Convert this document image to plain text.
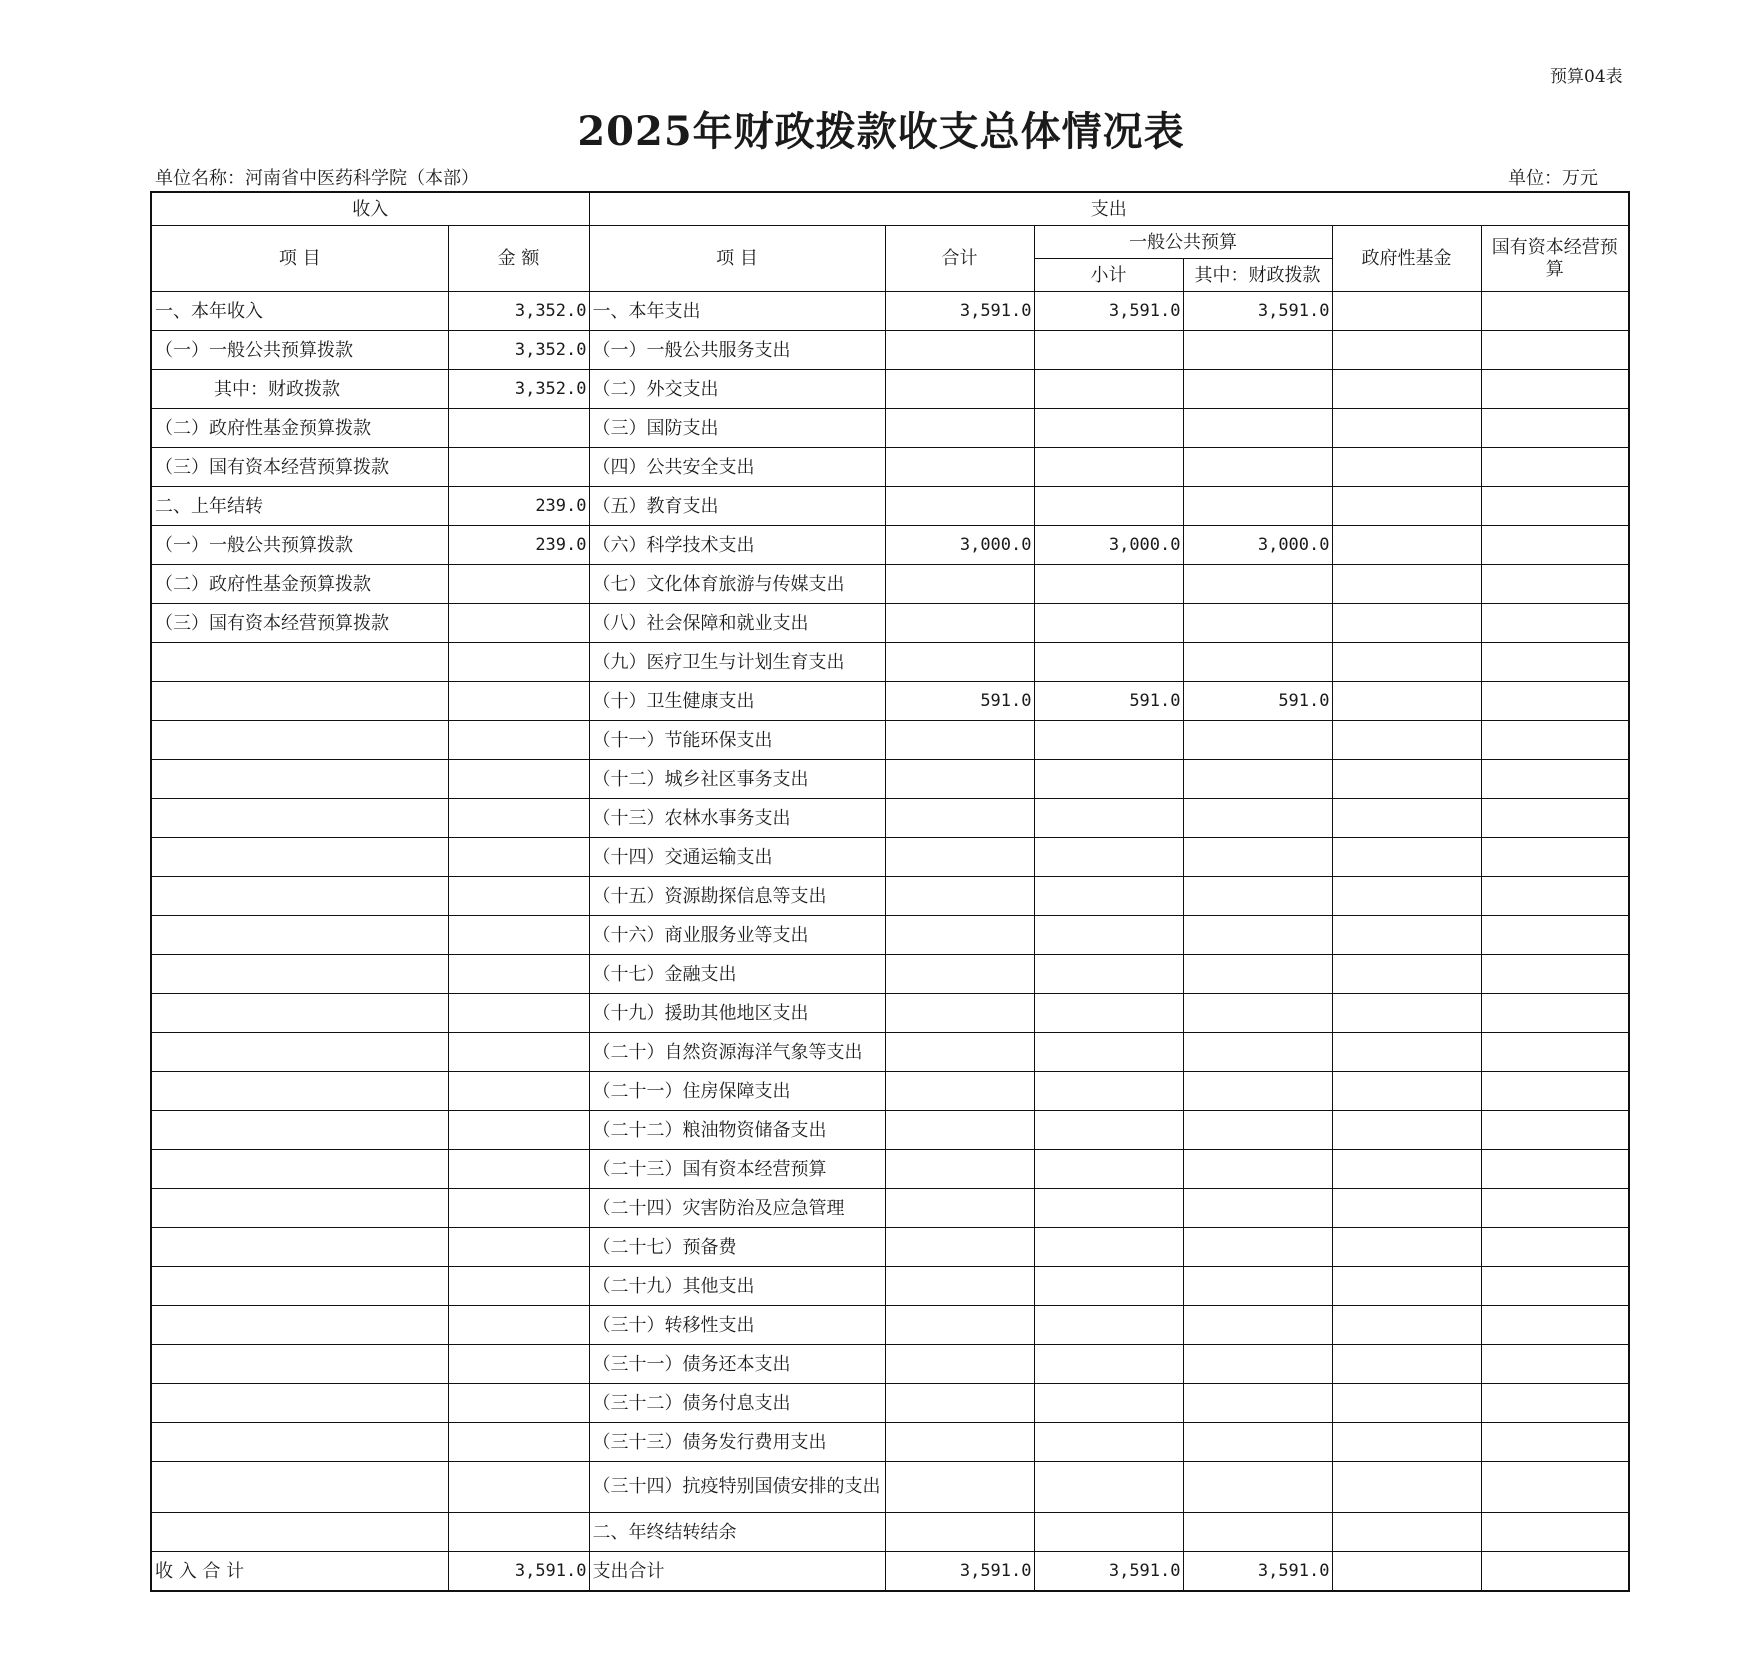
预算04表
2025年财政拨款收支总体情况表
单位名称：河南省中医药科学院（本部）	单位：万元
收入		支出					
项 目	金 额	项 目	合计	一般公共预算		政府性基金	国有资本经营预算
				小计	其中：财政拨款		
一、本年收入	3,352.0	一、本年支出	3,591.0	3,591.0	3,591.0		
（一）一般公共预算拨款	3,352.0	（一）一般公共服务支出					
其中：财政拨款	3,352.0	（二）外交支出					
（二）政府性基金预算拨款		（三）国防支出					
（三）国有资本经营预算拨款		（四）公共安全支出					
二、上年结转	239.0	（五）教育支出					
（一）一般公共预算拨款	239.0	（六）科学技术支出	3,000.0	3,000.0	3,000.0		
（二）政府性基金预算拨款		（七）文化体育旅游与传媒支出					
（三）国有资本经营预算拨款		（八）社会保障和就业支出					
		（九）医疗卫生与计划生育支出					
		（十）卫生健康支出	591.0	591.0	591.0		
		（十一）节能环保支出					
		（十二）城乡社区事务支出					
		（十三）农林水事务支出					
		（十四）交通运输支出					
		（十五）资源勘探信息等支出					
		（十六）商业服务业等支出					
		（十七）金融支出					
		（十九）援助其他地区支出					
		（二十）自然资源海洋气象等支出					
		（二十一）住房保障支出					
		（二十二）粮油物资储备支出					
		（二十三）国有资本经营预算					
		（二十四）灾害防治及应急管理					
		（二十七）预备费					
		（二十九）其他支出					
		（三十）转移性支出					
		（三十一）债务还本支出					
		（三十二）债务付息支出					
		（三十三）债务发行费用支出					
		（三十四）抗疫特别国债安排的支出					
		二、年终结转结余					
收 入 合 计	3,591.0	支出合计	3,591.0	3,591.0	3,591.0		
